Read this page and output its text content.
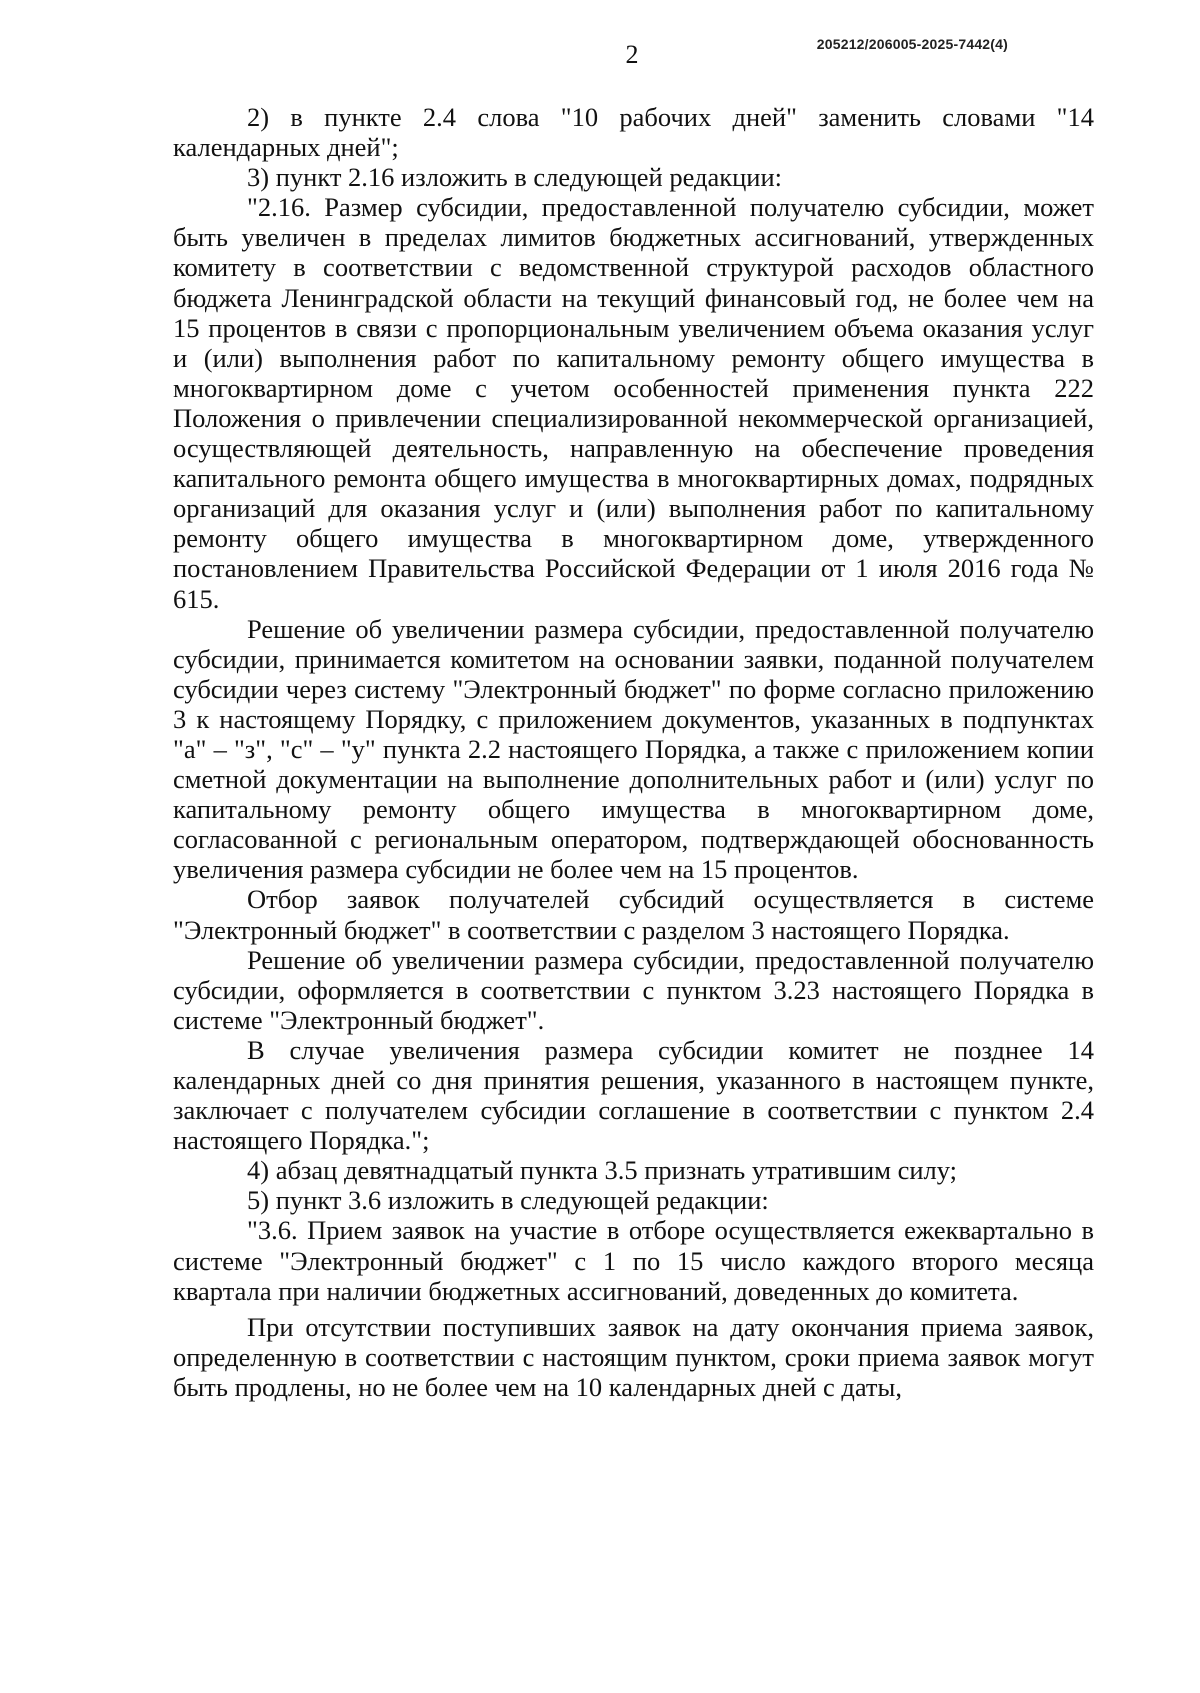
205212/206005-2025-7442(4)
2

2) в пункте 2.4 слова "10 рабочих дней" заменить словами "14 календарных дней";

3) пункт 2.16 изложить в следующей редакции:

"2.16. Размер субсидии, предоставленной получателю субсидии, может быть увеличен в пределах лимитов бюджетных ассигнований, утвержденных комитету в соответствии с ведомственной структурой расходов областного бюджета Ленинградской области на текущий финансовый год, не более чем на 15 процентов в связи с пропорциональным увеличением объема оказания услуг и (или) выполнения работ по капитальному ремонту общего имущества в многоквартирном доме с учетом особенностей применения пункта 222 Положения о привлечении специализированной некоммерческой организацией, осуществляющей деятельность, направленную на обеспечение проведения капитального ремонта общего имущества в многоквартирных домах, подрядных организаций для оказания услуг и (или) выполнения работ по капитальному ремонту общего имущества в многоквартирном доме, утвержденного постановлением Правительства Российской Федерации от 1 июля 2016 года № 615.

Решение об увеличении размера субсидии, предоставленной получателю субсидии, принимается комитетом на основании заявки, поданной получателем субсидии через систему "Электронный бюджет" по форме согласно приложению 3 к настоящему Порядку, с приложением документов, указанных в подпунктах "а" – "з", "с" – "у" пункта 2.2 настоящего Порядка, а также с приложением копии сметной документации на выполнение дополнительных работ и (или) услуг по капитальному ремонту общего имущества в многоквартирном доме, согласованной с региональным оператором, подтверждающей обоснованность увеличения размера субсидии не более чем на 15 процентов.

Отбор заявок получателей субсидий осуществляется в системе "Электронный бюджет" в соответствии с разделом 3 настоящего Порядка.

Решение об увеличении размера субсидии, предоставленной получателю субсидии, оформляется в соответствии с пунктом 3.23 настоящего Порядка в системе "Электронный бюджет".

В случае увеличения размера субсидии комитет не позднее 14 календарных дней со дня принятия решения, указанного в настоящем пункте, заключает с получателем субсидии соглашение в соответствии с пунктом 2.4 настоящего Порядка.";

4) абзац девятнадцатый пункта 3.5 признать утратившим силу;

5) пункт 3.6 изложить в следующей редакции:

"3.6. Прием заявок на участие в отборе осуществляется ежеквартально в системе "Электронный бюджет" с 1 по 15 число каждого второго месяца квартала при наличии бюджетных ассигнований, доведенных до комитета.

При отсутствии поступивших заявок на дату окончания приема заявок, определенную в соответствии с настоящим пунктом, сроки приема заявок могут быть продлены, но не более чем на 10 календарных дней с даты,
